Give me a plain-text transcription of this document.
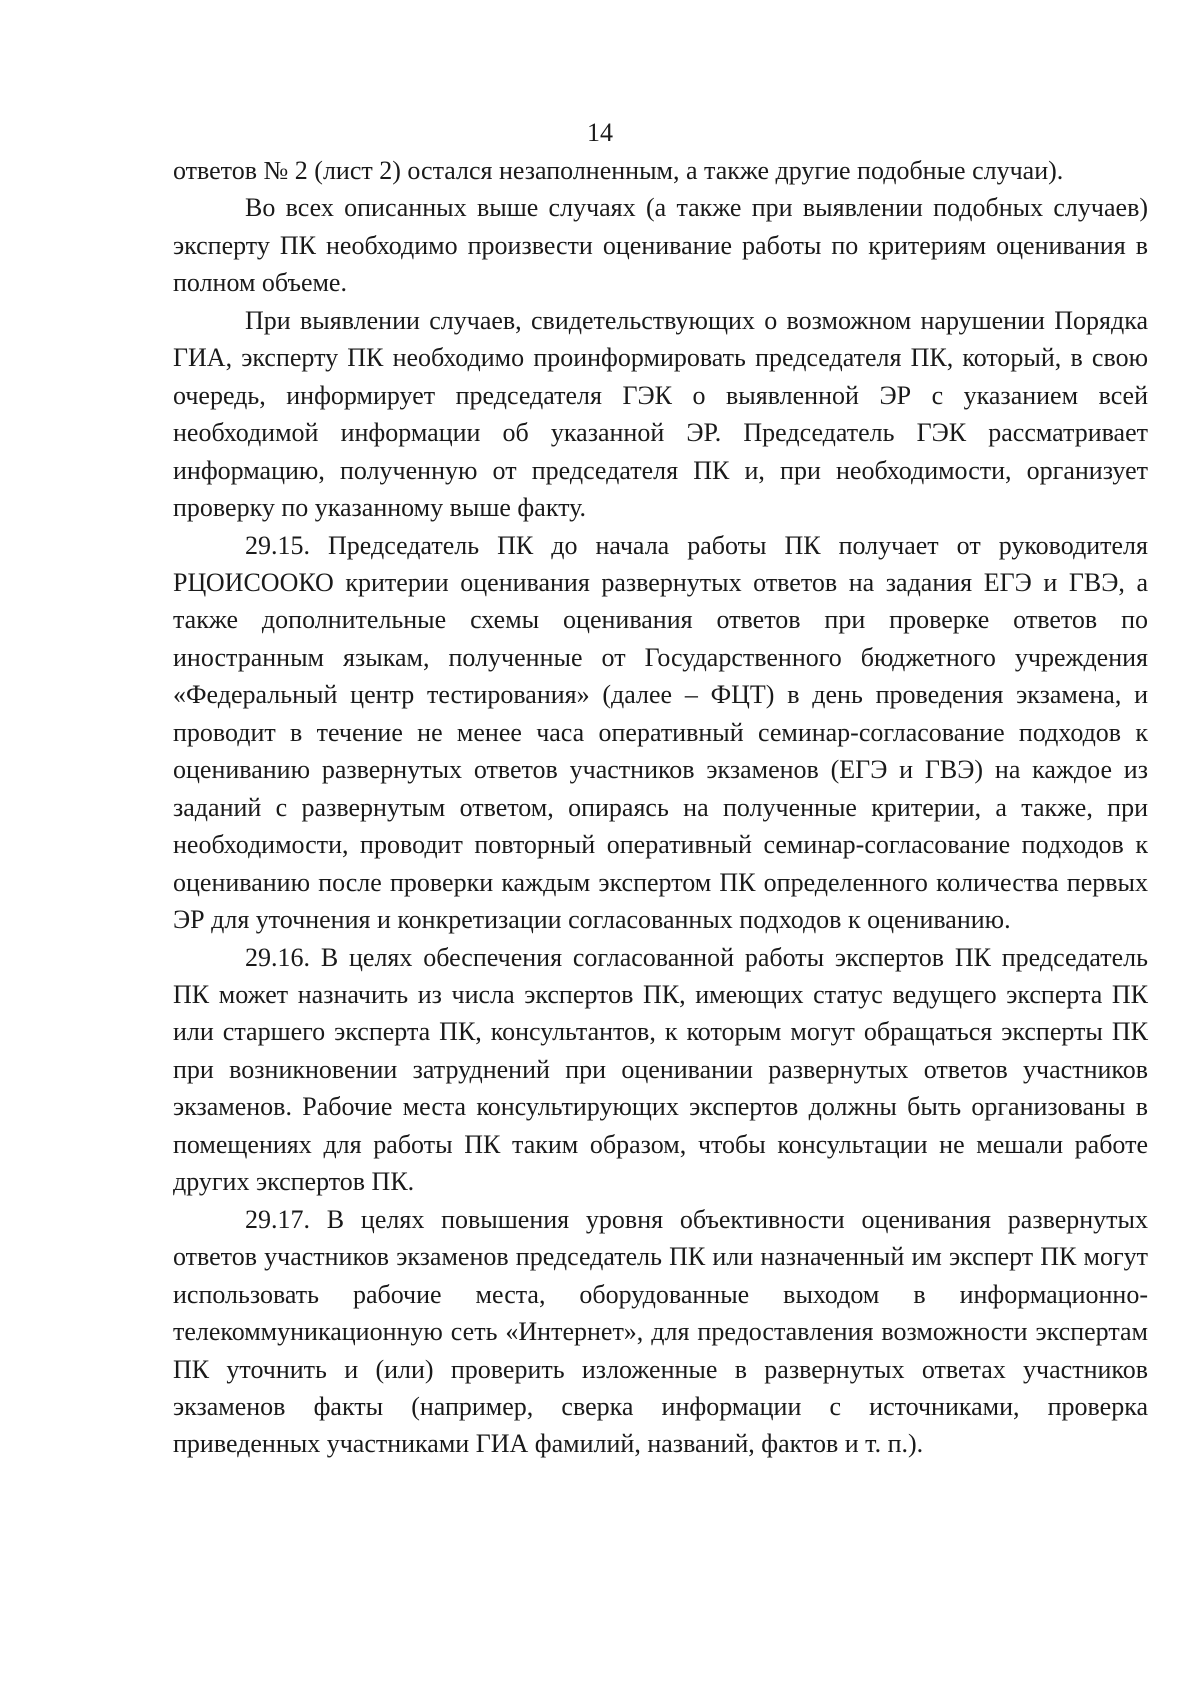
14

ответов № 2 (лист 2) остался незаполненным, а также другие подобные случаи).

Во всех описанных выше случаях (а также при выявлении подобных случаев) эксперту ПК необходимо произвести оценивание работы по критериям оценивания в полном объеме.

При выявлении случаев, свидетельствующих о возможном нарушении Порядка ГИА, эксперту ПК необходимо проинформировать председателя ПК, который, в свою очередь, информирует председателя ГЭК о выявленной ЭР с указанием всей необходимой информации об указанной ЭР. Председатель ГЭК рассматривает информацию, полученную от председателя ПК и, при необходимости, организует проверку по указанному выше факту.

29.15. Председатель ПК до начала работы ПК получает от руководителя РЦОИСООКО критерии оценивания развернутых ответов на задания ЕГЭ и ГВЭ, а также дополнительные схемы оценивания ответов при проверке ответов по иностранным языкам, полученные от Государственного бюджетного учреждения «Федеральный центр тестирования» (далее – ФЦТ) в день проведения экзамена, и проводит в течение не менее часа оперативный семинар-согласование подходов к оцениванию развернутых ответов участников экзаменов (ЕГЭ и ГВЭ) на каждое из заданий с развернутым ответом, опираясь на полученные критерии, а также, при необходимости, проводит повторный оперативный семинар-согласование подходов к оцениванию после проверки каждым экспертом ПК определенного количества первых ЭР для уточнения и конкретизации согласованных подходов к оцениванию.

29.16. В целях обеспечения согласованной работы экспертов ПК председатель ПК может назначить из числа экспертов ПК, имеющих статус ведущего эксперта ПК или старшего эксперта ПК, консультантов, к которым могут обращаться эксперты ПК при возникновении затруднений при оценивании развернутых ответов участников экзаменов. Рабочие места консультирующих экспертов должны быть организованы в помещениях для работы ПК таким образом, чтобы консультации не мешали работе других экспертов ПК.

29.17. В целях повышения уровня объективности оценивания развернутых ответов участников экзаменов председатель ПК или назначенный им эксперт ПК могут использовать рабочие места, оборудованные выходом в информационно-телекоммуникационную сеть «Интернет», для предоставления возможности экспертам ПК уточнить и (или) проверить изложенные в развернутых ответах участников экзаменов факты (например, сверка информации с источниками, проверка приведенных участниками ГИА фамилий, названий, фактов и т. п.).
